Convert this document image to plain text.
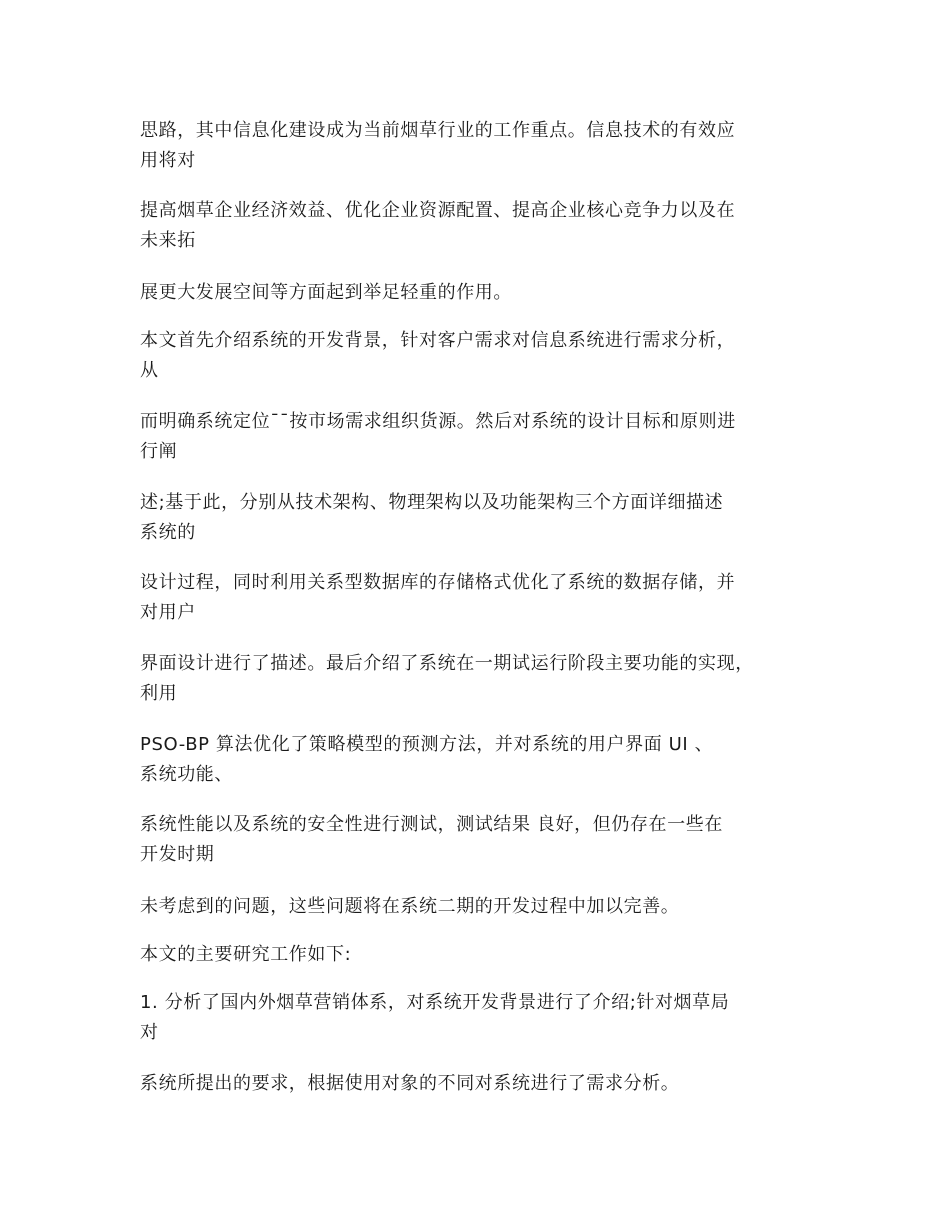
思路，其中信息化建设成为当前烟草行业的工作重点。信息技术的有效应
用将对

提高烟草企业经济效益、优化企业资源配置、提高企业核心竞争力以及在
未来拓

展更大发展空间等方面起到举足轻重的作用。

本文首先介绍系统的开发背景，针对客户需求对信息系统进行需求分析，
从

而明确系统定位¯¯按市场需求组织货源。然后对系统的设计目标和原则进
行阐

述;基于此，分别从技术架构、物理架构以及功能架构三个方面详细描述
系统的

设计过程，同时利用关系型数据库的存储格式优化了系统的数据存储，并
对用户

界面设计进行了描述。最后介绍了系统在一期试运行阶段主要功能的实现，
利用

PSO-BP 算法优化了策略模型的预测方法，并对系统的用户界面 UI 、
系统功能、

系统性能以及系统的安全性进行测试，测试结果 良好，但仍存在一些在
开发时期

未考虑到的问题，这些问题将在系统二期的开发过程中加以完善。

本文的主要研究工作如下:

1. 分析了国内外烟草营销体系，对系统开发背景进行了介绍;针对烟草局
对

系统所提出的要求，根据使用对象的不同对系统进行了需求分析。
